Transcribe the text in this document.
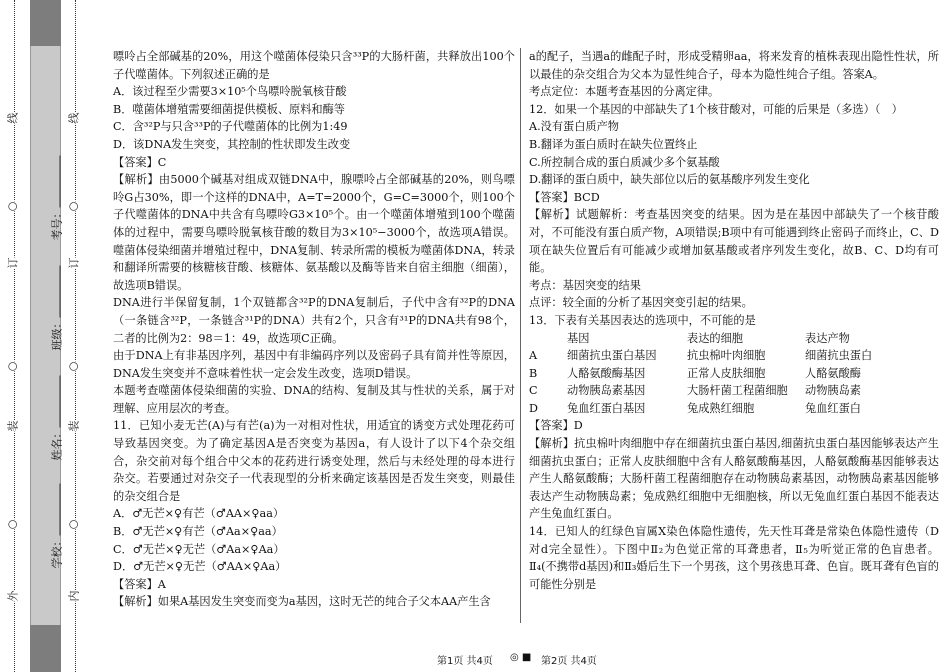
外
○
装
○
订
○
线
内
○
装
○
订
○
线
学校：
姓名：
班级：
考号：

嘌呤占全部碱基的20%，用这个噬菌体侵染只含³³P的大肠杆菌，共释放出100个子代噬菌体。下列叙述正确的是

A．该过程至少需要3×10⁵个鸟嘌呤脱氧核苷酸

B．噬菌体增殖需要细菌提供模板、原料和酶等

C．含³²P与只含³³P的子代噬菌体的比例为1:49

D．该DNA发生突变，其控制的性状即发生改变

【答案】C

【解析】由5000个碱基对组成双链DNA中，腺嘌呤占全部碱基的20%，则鸟嘌呤G占30%，即一个这样的DNA中，A=T=2000个，G=C=3000个，则100个子代噬菌体的DNA中共含有鸟嘌呤G3×10⁵个。由一个噬菌体增殖到100个噬菌体的过程中，需要鸟嘌呤脱氧核苷酸的数目为3×10⁵−3000个，故选项A错误。噬菌体侵染细菌并增殖过程中，DNA复制、转录所需的模板为噬菌体DNA，转录和翻译所需要的核糖核苷酸、核糖体、氨基酸以及酶等皆来自宿主细胞（细菌），故选项B错误。

DNA进行半保留复制，1个双链都含³²P的DNA复制后，子代中含有³²P的DNA（一条链含³²P，一条链含³¹P的DNA）共有2个，只含有³¹P的DNA共有98个，二者的比例为2：98＝1：49，故选项C正确。

由于DNA上有非基因序列，基因中有非编码序列以及密码子具有简并性等原因，DNA发生突变并不意味着性状一定会发生改变，选项D错误。

本题考查噬菌体侵染细菌的实验、DNA的结构、复制及其与性状的关系，属于对理解、应用层次的考查。

11．已知小麦无芒(A)与有芒(a)为一对相对性状，用适宜的诱变方式处理花药可导致基因突变。为了确定基因A是否突变为基因a，有人设计了以下4个杂交组合，杂交前对每个组合中父本的花药进行诱变处理，然后与未经处理的母本进行杂交。若要通过对杂交子一代表现型的分析来确定该基因是否发生突变，则最佳的杂交组合是

A．♂无芒×♀有芒（♂AA×♀aa）

B．♂无芒×♀有芒（♂Aa×♀aa）

C．♂无芒×♀无芒（♂Aa×♀Aa）

D．♂无芒×♀无芒（♂AA×♀Aa）

【答案】A

【解析】如果A基因发生突变而变为a基因，这时无芒的纯合子父本AA产生含

a的配子，当遇a的雌配子时，形成受精卵aa，将来发育的植株表现出隐性性状，所以最佳的杂交组合为父本为显性纯合子，母本为隐性纯合子组。答案A。

考点定位：本题考查基因的分离定律。

12．如果一个基因的中部缺失了1个核苷酸对，可能的后果是（多选）（　）

A.没有蛋白质产物

B.翻译为蛋白质时在缺失位置终止

C.所控制合成的蛋白质减少多个氨基酸

D.翻译的蛋白质中，缺失部位以后的氨基酸序列发生变化

【答案】BCD

【解析】试题解析：考查基因突变的结果。因为是在基因中部缺失了一个核苷酸对，不可能没有蛋白质产物，A项错误;B项中有可能遇到终止密码子而终止，C、D项在缺失位置后有可能减少或增加氨基酸或者序列发生变化，故B、C、D均有可能。

考点：基因突变的结果

点评：较全面的分析了基因突变引起的结果。

13．下表有关基因表达的选项中，不可能的是

	基因	表达的细胞	表达产物
A	细菌抗虫蛋白基因	抗虫棉叶肉细胞	细菌抗虫蛋白
B	人酪氨酸酶基因	正常人皮肤细胞	人酪氨酸酶
C	动物胰岛素基因	大肠杆菌工程菌细胞	动物胰岛素
D	兔血红蛋白基因	兔成熟红细胞	兔血红蛋白

【答案】D

【解析】抗虫棉叶肉细胞中存在细菌抗虫蛋白基因,细菌抗虫蛋白基因能够表达产生细菌抗虫蛋白；正常人皮肤细胞中含有人酪氨酸酶基因，人酪氨酸酶基因能够表达产生人酪氨酸酶；大肠杆菌工程菌细胞存在动物胰岛素基因，动物胰岛素基因能够表达产生动物胰岛素；兔成熟红细胞中无细胞核，所以无兔血红蛋白基因不能表达产生兔血红蛋白。

14．已知人的红绿色盲属X染色体隐性遗传，先天性耳聋是常染色体隐性遗传（D对d完全显性）。下图中Ⅱ₂为色觉正常的耳聋患者，Ⅱ₅为听觉正常的色盲患者。Ⅱ₄(不携带d基因)和Ⅱ₃婚后生下一个男孩，这个男孩患耳聋、色盲。既耳聋有色盲的可能性分别是

第1页 共4页 ◎ ■ 第2页 共4页
